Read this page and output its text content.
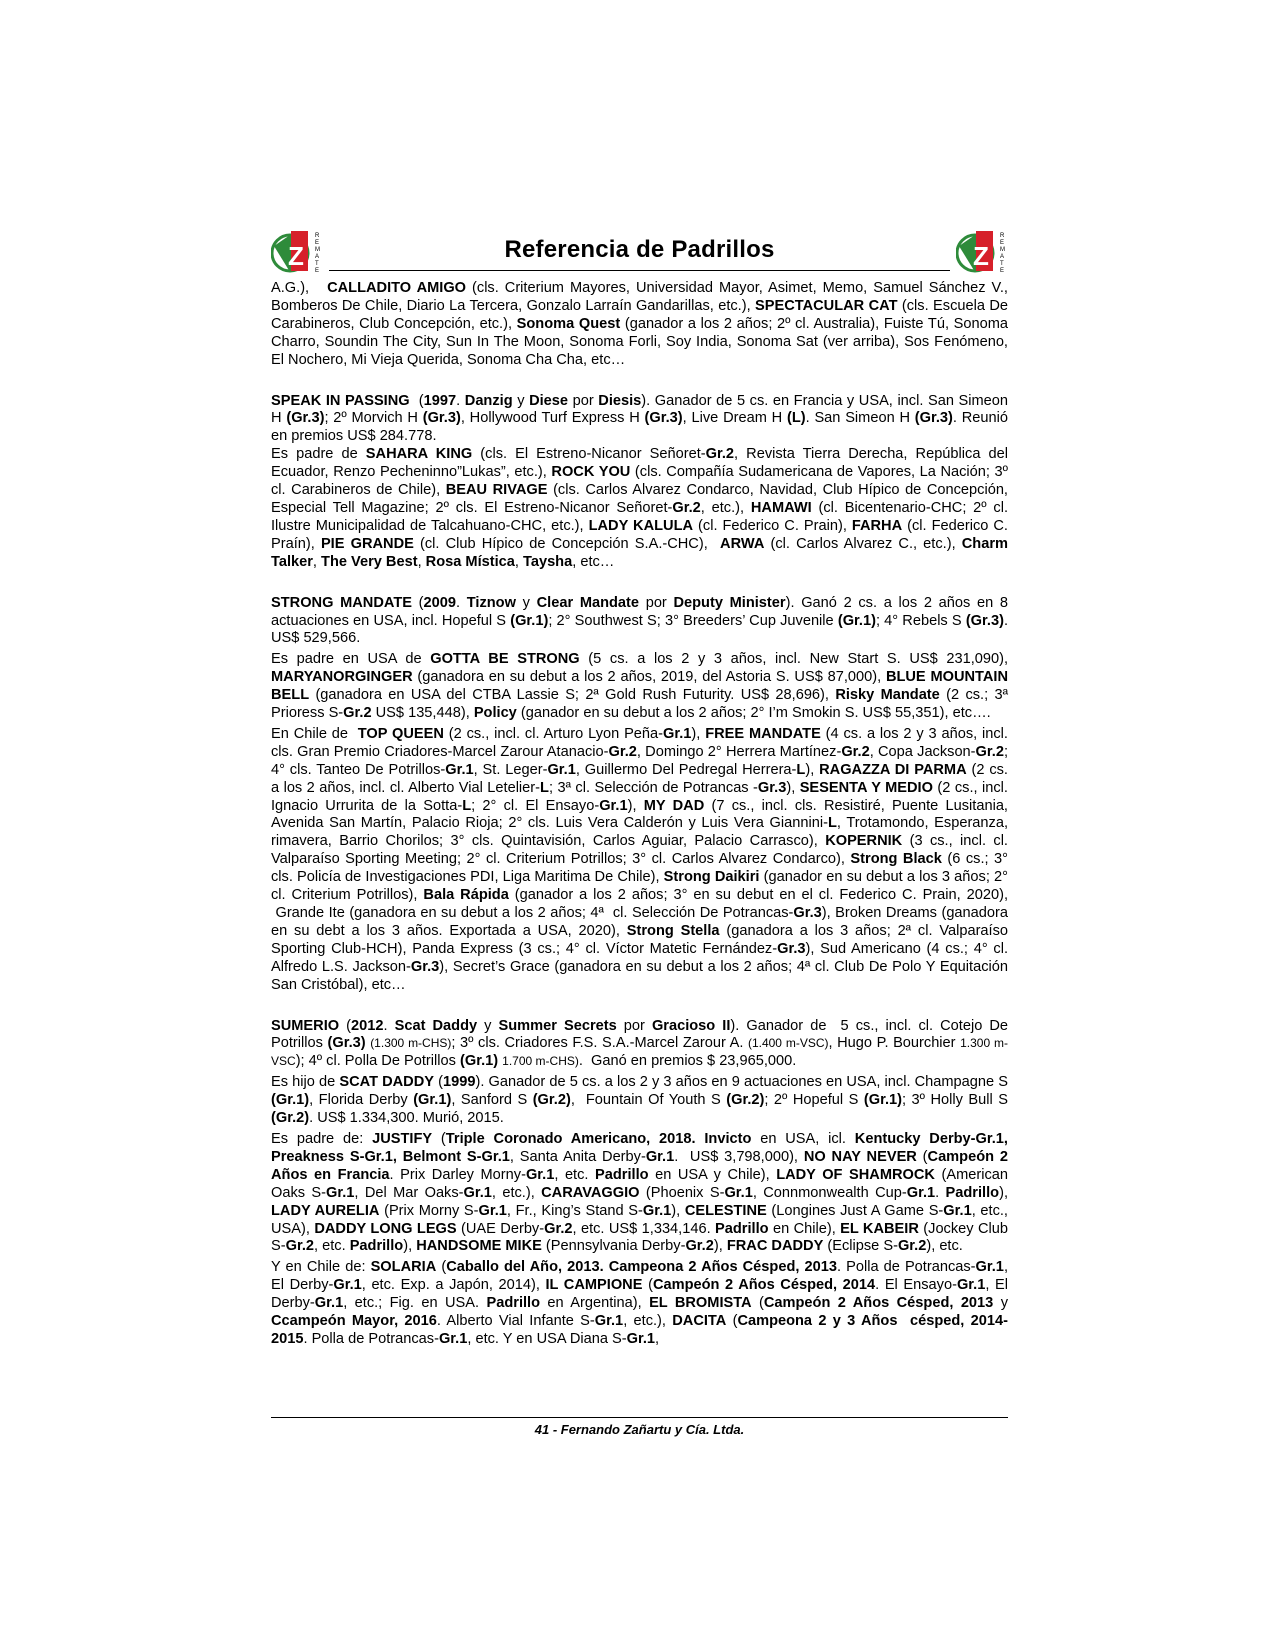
Z
R
E
M
A
T
E
Referencia de Padrillos	Z
R
E
M
A
T
E

A.G.),   CALLADITO AMIGO (cls. Criterium Mayores, Universidad Mayor, Asimet, Memo, Samuel Sánchez V., Bomberos De Chile, Diario La Tercera, Gonzalo Larraín Gandarillas, etc.), SPECTACULAR CAT (cls. Escuela De Carabineros, Club Concepción, etc.), Sonoma Quest (ganador a los 2 años; 2º cl. Australia), Fuiste Tú, Sonoma Charro, Soundin The City, Sun In The Moon, Sonoma Forli, Soy India, Sonoma Sat (ver arriba), Sos Fenómeno, El Nochero, Mi Vieja Querida, Sonoma Cha Cha, etc…

SPEAK IN PASSING  (1997. Danzig y Diese por Diesis). Ganador de 5 cs. en Francia y USA, incl. San Simeon H (Gr.3); 2º Morvich H (Gr.3), Hollywood Turf Express H (Gr.3), Live Dream H (L). San Simeon H (Gr.3). Reunió en premios US$ 284.778.

Es padre de SAHARA KING (cls. El Estreno-Nicanor Señoret-Gr.2, Revista Tierra Derecha, República del Ecuador, Renzo Pecheninno”Lukas”, etc.), ROCK YOU (cls. Compañía Sudamericana de Vapores, La Nación; 3º cl. Carabineros de Chile), BEAU RIVAGE (cls. Carlos Alvarez Condarco, Navidad, Club Hípico de Concepción, Especial Tell Magazine; 2º cls. El Estreno-Nicanor Señoret-Gr.2, etc.), HAMAWI (cl. Bicentenario-CHC; 2º cl. Ilustre Municipalidad de Talcahuano-CHC, etc.), LADY KALULA (cl. Federico C. Prain), FARHA (cl. Federico C. Praín), PIE GRANDE (cl. Club Hípico de Concepción S.A.-CHC),  ARWA (cl. Carlos Alvarez C., etc.), Charm Talker, The Very Best, Rosa Mística, Taysha, etc…

STRONG MANDATE (2009. Tiznow y Clear Mandate por Deputy Minister). Ganó 2 cs. a los 2 años en 8 actuaciones en USA, incl. Hopeful S (Gr.1); 2° Southwest S; 3° Breeders’ Cup Juvenile (Gr.1); 4° Rebels S (Gr.3). US$ 529,566.

Es padre en USA de GOTTA BE STRONG (5 cs. a los 2 y 3 años, incl. New Start S. US$ 231,090), MARYANORGINGER (ganadora en su debut a los 2 años, 2019, del Astoria S. US$ 87,000), BLUE MOUNTAIN BELL (ganadora en USA del CTBA Lassie S; 2ª Gold Rush Futurity. US$ 28,696), Risky Mandate (2 cs.; 3ª Prioress S-Gr.2 US$ 135,448), Policy (ganador en su debut a los 2 años; 2° I’m Smokin S. US$ 55,351), etc….

En Chile de  TOP QUEEN (2 cs., incl. cl. Arturo Lyon Peña-Gr.1), FREE MANDATE (4 cs. a los 2 y 3 años, incl. cls. Gran Premio Criadores-Marcel Zarour Atanacio-Gr.2, Domingo 2° Herrera Martínez-Gr.2, Copa Jackson-Gr.2; 4° cls. Tanteo De Potrillos-Gr.1, St. Leger-Gr.1, Guillermo Del Pedregal Herrera-L), RAGAZZA DI PARMA (2 cs. a los 2 años, incl. cl. Alberto Vial Letelier-L; 3ª cl. Selección de Potrancas -Gr.3), SESENTA Y MEDIO (2 cs., incl. Ignacio Urrurita de la Sotta-L; 2° cl. El Ensayo-Gr.1), MY DAD (7 cs., incl. cls. Resistiré, Puente Lusitania, Avenida San Martín, Palacio Rioja; 2° cls. Luis Vera Calderón y Luis Vera Giannini-L, Trotamondo, Esperanza, rimavera, Barrio Chorilos; 3° cls. Quintavisión, Carlos Aguiar, Palacio Carrasco), KOPERNIK (3 cs., incl. cl. Valparaíso Sporting Meeting; 2° cl. Criterium Potrillos; 3° cl. Carlos Alvarez Condarco), Strong Black (6 cs.; 3° cls. Policía de Investigaciones PDI, Liga Maritima De Chile), Strong Daikiri (ganador en su debut a los 3 años; 2° cl. Criterium Potrillos), Bala Rápida (ganador a los 2 años; 3° en su debut en el cl. Federico C. Prain, 2020),  Grande Ite (ganadora en su debut a los 2 años; 4ª  cl. Selección De Potrancas-Gr.3), Broken Dreams (ganadora en su debt a los 3 años. Exportada a USA, 2020), Strong Stella (ganadora a los 3 años; 2ª cl. Valparaíso Sporting Club-HCH), Panda Express (3 cs.; 4° cl. Víctor Matetic Fernández-Gr.3), Sud Americano (4 cs.; 4° cl. Alfredo L.S. Jackson-Gr.3), Secret’s Grace (ganadora en su debut a los 2 años; 4ª cl. Club De Polo Y Equitación San Cristóbal), etc…

SUMERIO (2012. Scat Daddy y Summer Secrets por Gracioso II). Ganador de  5 cs., incl. cl. Cotejo De Potrillos (Gr.3) (1.300 m-CHS); 3º cls. Criadores F.S. S.A.-Marcel Zarour A. (1.400 m-VSC), Hugo P. Bourchier 1.300 m-VSC); 4º cl. Polla De Potrillos (Gr.1) 1.700 m-CHS).  Ganó en premios $ 23,965,000.

Es hijo de SCAT DADDY (1999). Ganador de 5 cs. a los 2 y 3 años en 9 actuaciones en USA, incl. Champagne S (Gr.1), Florida Derby (Gr.1), Sanford S (Gr.2),  Fountain Of Youth S (Gr.2); 2º Hopeful S (Gr.1); 3º Holly Bull S (Gr.2). US$ 1.334,300. Murió, 2015.

Es padre de: JUSTIFY (Triple Coronado Americano, 2018. Invicto en USA, icl. Kentucky Derby-Gr.1, Preakness S-Gr.1, Belmont S-Gr.1, Santa Anita Derby-Gr.1.  US$ 3,798,000), NO NAY NEVER (Campeón 2 Años en Francia. Prix Darley Morny-Gr.1, etc. Padrillo en USA y Chile), LADY OF SHAMROCK (American Oaks S-Gr.1, Del Mar Oaks-Gr.1, etc.), CARAVAGGIO (Phoenix S-Gr.1, Connmonwealth Cup-Gr.1. Padrillo), LADY AURELIA (Prix Morny S-Gr.1, Fr., King’s Stand S-Gr.1), CELESTINE (Longines Just A Game S-Gr.1, etc., USA), DADDY LONG LEGS (UAE Derby-Gr.2, etc. US$ 1,334,146. Padrillo en Chile), EL KABEIR (Jockey Club S-Gr.2, etc. Padrillo), HANDSOME MIKE (Pennsylvania Derby-Gr.2), FRAC DADDY (Eclipse S-Gr.2), etc.

Y en Chile de: SOLARIA (Caballo del Año, 2013. Campeona 2 Años Césped, 2013. Polla de Potrancas-Gr.1, El Derby-Gr.1, etc. Exp. a Japón, 2014), IL CAMPIONE (Campeón 2 Años Césped, 2014. El Ensayo-Gr.1, El Derby-Gr.1, etc.; Fig. en USA. Padrillo en Argentina), EL BROMISTA (Campeón 2 Años Césped, 2013 y Ccampeón Mayor, 2016. Alberto Vial Infante S-Gr.1, etc.), DACITA (Campeona 2 y 3 Años  césped, 2014-2015. Polla de Potrancas-Gr.1, etc. Y en USA Diana S-Gr.1,

41 - Fernando Zañartu y Cía. Ltda.
